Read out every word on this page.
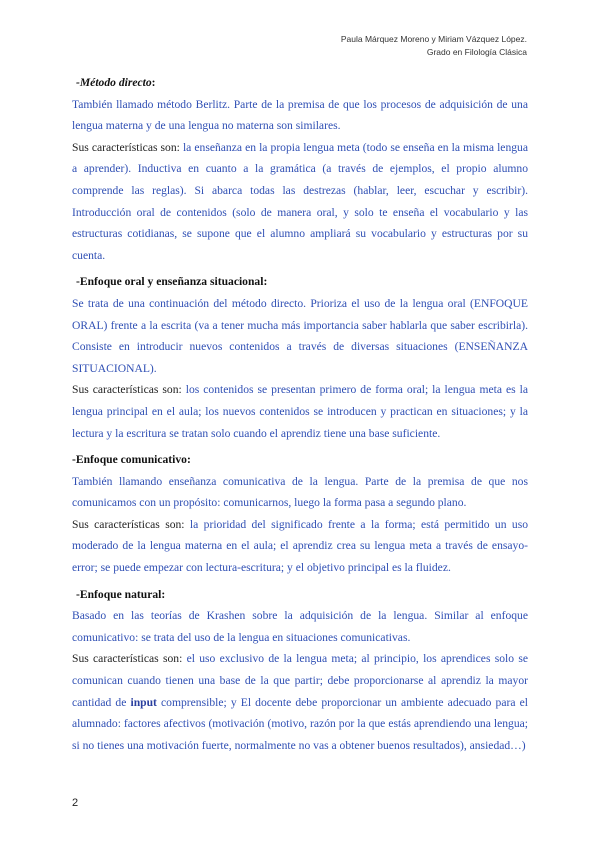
Paula Márquez Moreno y Miriam Vázquez López.
Grado en Filología Clásica
-Método directo:

También llamado método Berlitz. Parte de la premisa de que los procesos de adquisición de una lengua materna y de una lengua no materna son similares.

Sus características son: la enseñanza en la propia lengua meta (todo se enseña en la misma lengua a aprender). Inductiva en cuanto a la gramática (a través de ejemplos, el propio alumno comprende las reglas). Si abarca todas las destrezas (hablar, leer, escuchar y escribir). Introducción oral de contenidos (solo de manera oral, y solo te enseña el vocabulario y las estructuras cotidianas, se supone que el alumno ampliará su vocabulario y estructuras por su cuenta.

-Enfoque oral y enseñanza situacional:

Se trata de una continuación del método directo. Prioriza el uso de la lengua oral (ENFOQUE ORAL) frente a la escrita (va a tener mucha más importancia saber hablarla que saber escribirla). Consiste en introducir nuevos contenidos a través de diversas situaciones (ENSEÑANZA SITUACIONAL).

Sus características son: los contenidos se presentan primero de forma oral; la lengua meta es la lengua principal en el aula; los nuevos contenidos se introducen y practican en situaciones; y la lectura y la escritura se tratan solo cuando el aprendiz tiene una base suficiente.

-Enfoque comunicativo:

También llamando enseñanza comunicativa de la lengua. Parte de la premisa de que nos comunicamos con un propósito: comunicarnos, luego la forma pasa a segundo plano.

Sus características son: la prioridad del significado frente a la forma; está permitido un uso moderado de la lengua materna en el aula; el aprendiz crea su lengua meta a través de ensayo-error; se puede empezar con lectura-escritura; y el objetivo principal es la fluidez.

-Enfoque natural:

Basado en las teorías de Krashen sobre la adquisición de la lengua. Similar al enfoque comunicativo: se trata del uso de la lengua en situaciones comunicativas.

Sus características son: el uso exclusivo de la lengua meta; al principio, los aprendices solo se comunican cuando tienen una base de la que partir; debe proporcionarse al aprendiz la mayor cantidad de input comprensible; y El docente debe proporcionar un ambiente adecuado para el alumnado: factores afectivos (motivación (motivo, razón por la que estás aprendiendo una lengua; si no tienes una motivación fuerte, normalmente no vas a obtener buenos resultados), ansiedad…)

2
